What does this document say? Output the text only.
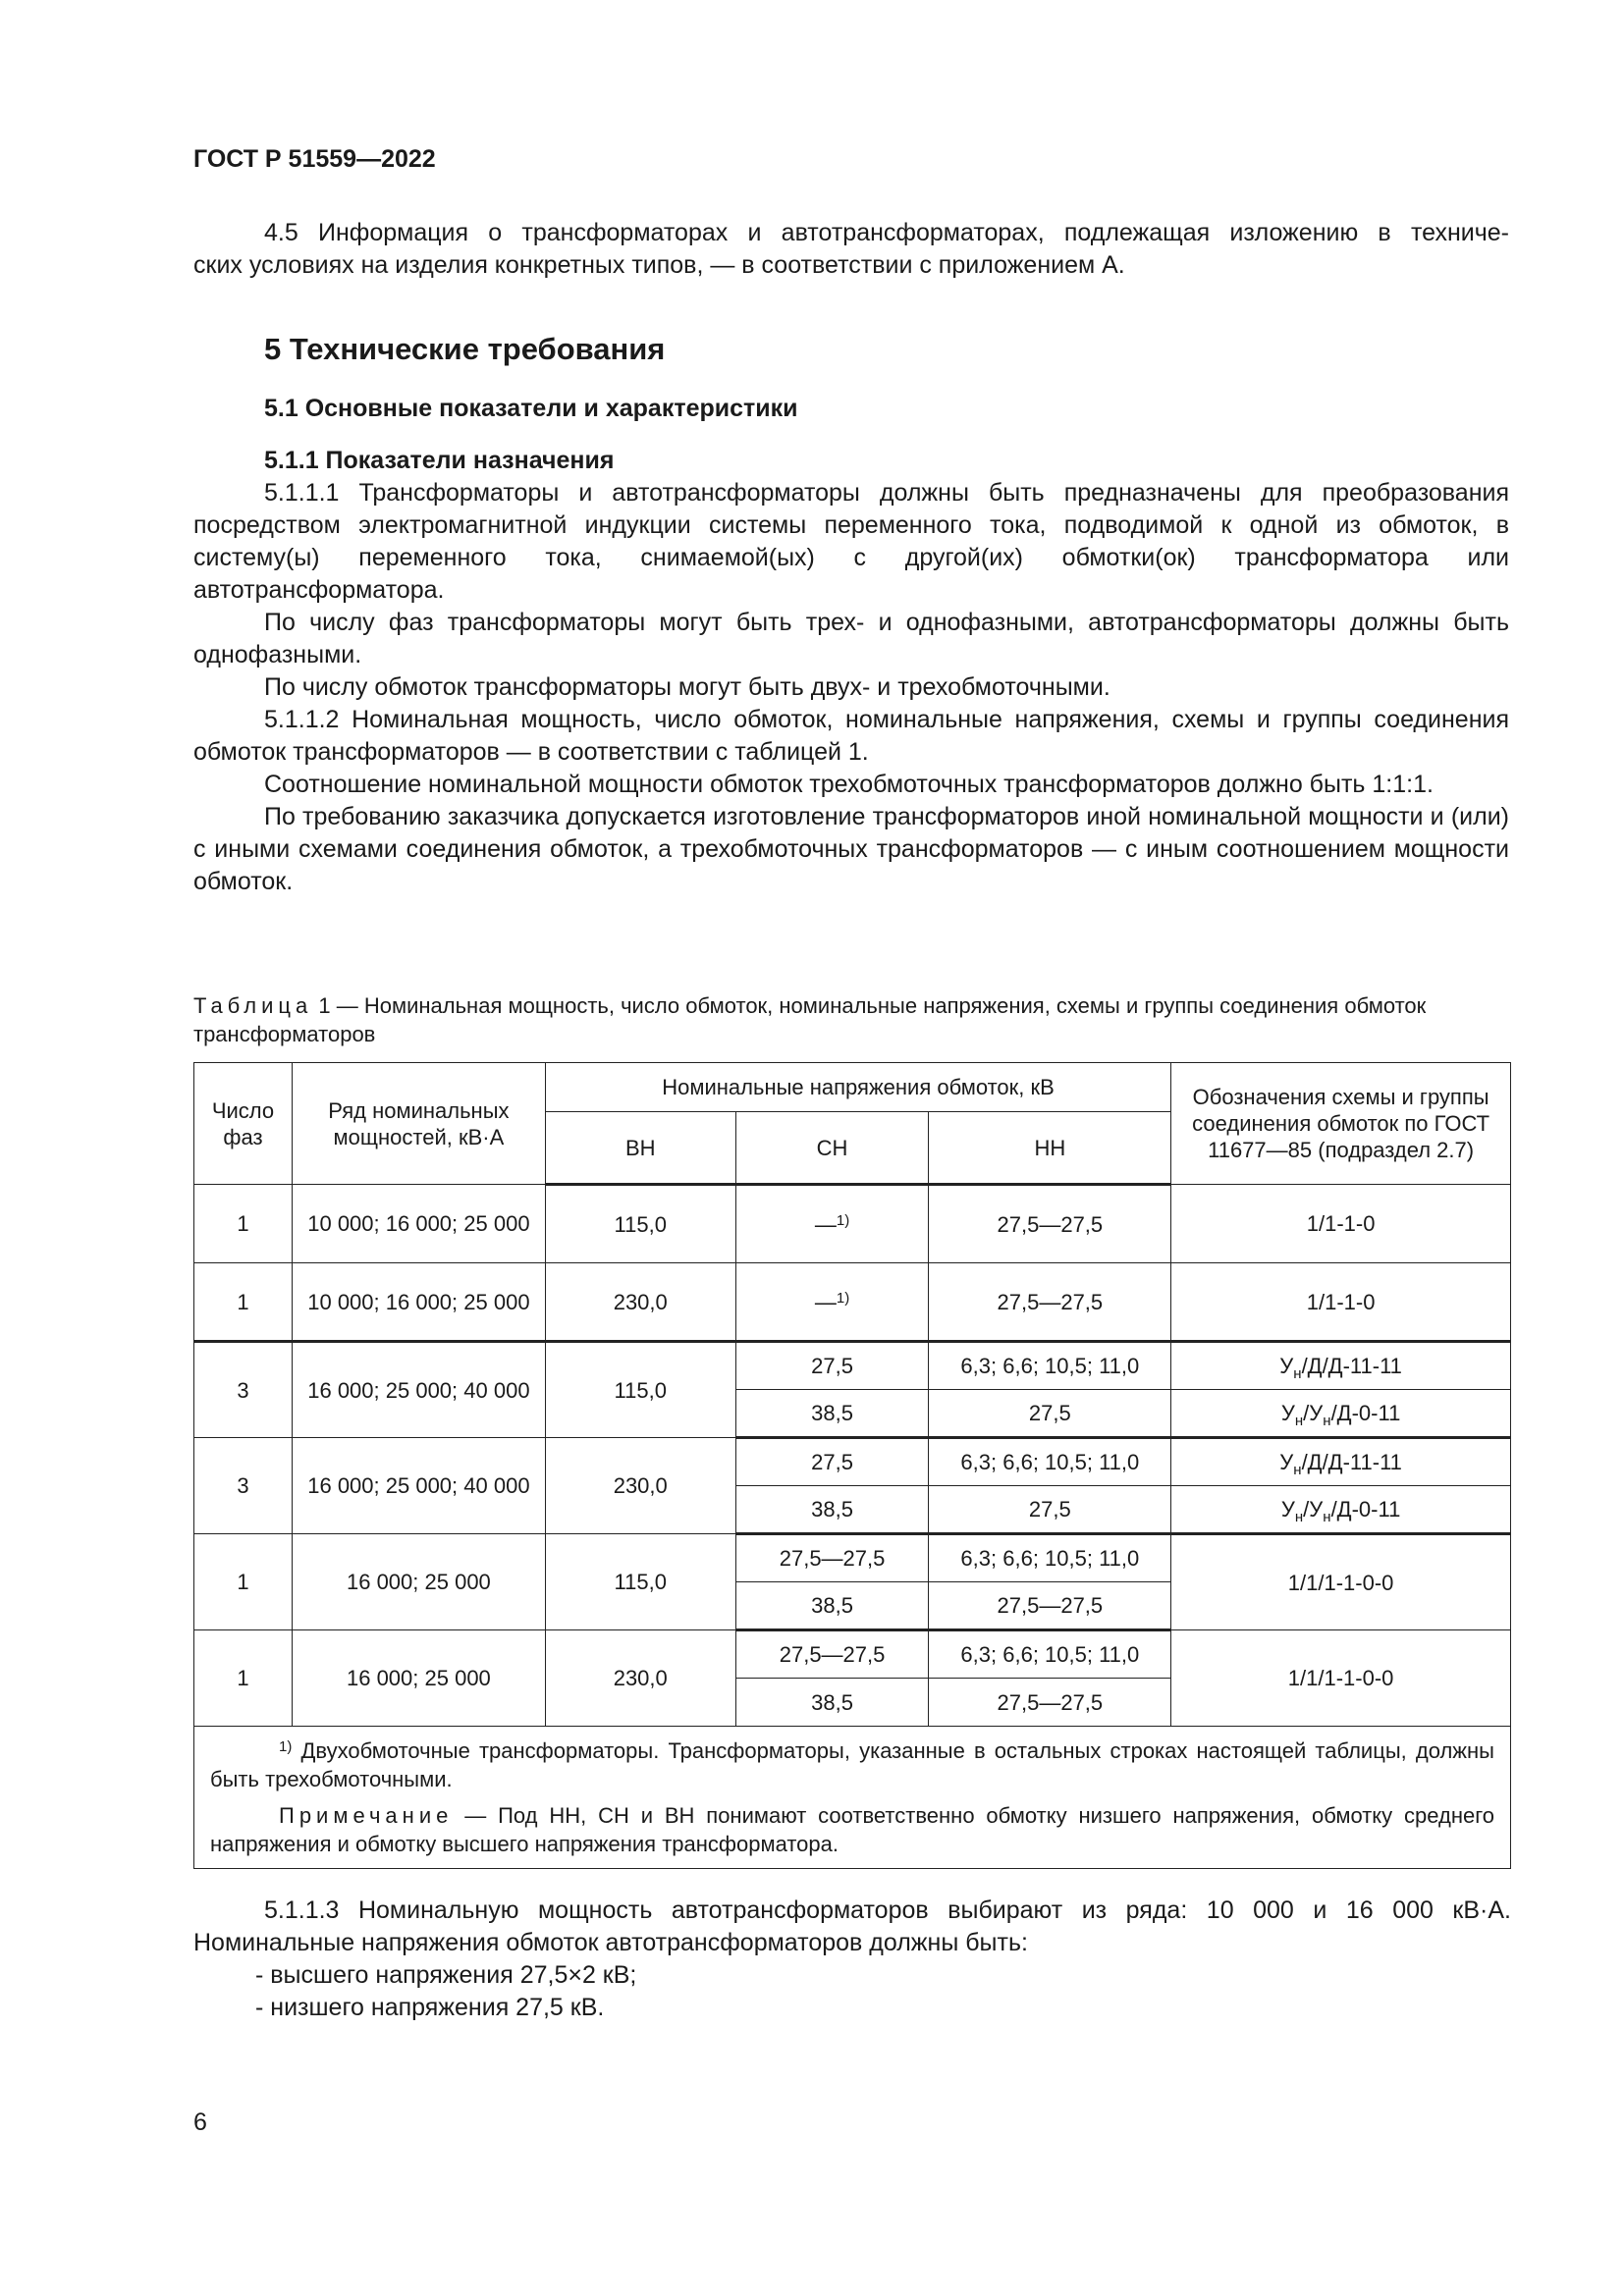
ГОСТ Р 51559—2022

4.5 Информация о трансформаторах и автотрансформаторах, подлежащая изложению в техниче-

ских условиях на изделия конкретных типов, — в соответствии с приложением А.

5 Технические требования
5.1 Основные показатели и характеристики
5.1.1 Показатели назначения

5.1.1.1 Трансформаторы и автотрансформаторы должны быть предназначены для преобразования посредством электромагнитной индукции системы переменного тока, подводимой к одной из обмоток, в систему(ы) переменного тока, снимаемой(ых) с другой(их) обмотки(ок) трансформатора или автотрансформатора.

По числу фаз трансформаторы могут быть трех- и однофазными, автотрансформаторы должны быть однофазными.

По числу обмоток трансформаторы могут быть двух- и трехобмоточными.

5.1.1.2 Номинальная мощность, число обмоток, номинальные напряжения, схемы и группы соединения обмоток трансформаторов — в соответствии с таблицей 1.

Соотношение номинальной мощности обмоток трехобмоточных трансформаторов должно быть 1:1:1.

По требованию заказчика допускается изготовление трансформаторов иной номинальной мощности и (или) с иными схемами соединения обмоток, а трехобмоточных трансформаторов — с иным соотношением мощности обмоток.

Таблица 1 — Номинальная мощность, число обмоток, номинальные напряжения, схемы и группы соединения обмоток трансформаторов
Число фаз	Ряд номинальных мощностей, кВ·А	Номинальные напряжения обмоток, кВ			Обозначения схемы и группы соединения обмоток по ГОСТ 11677—85 (подраздел 2.7)
		ВН	СН	НН	
1	10 000; 16 000; 25 000	115,0	—$^{1)}$	27,5—27,5	1/1-1-0
1	10 000; 16 000; 25 000	230,0	—$^{1)}$	27,5—27,5	1/1-1-0
3	16 000; 25 000; 40 000	115,0	27,5	6,3; 6,6; 10,5; 11,0	$У_н/Д/Д-11-11$
			38,5	27,5	$У_н/У_н/Д-0-11$
3	16 000; 25 000; 40 000	230,0	27,5	6,3; 6,6; 10,5; 11,0	$У_н/Д/Д-11-11$
			38,5	27,5	$У_н/У_н/Д-0-11$
1	16 000; 25 000	115,0	27,5—27,5	6,3; 6,6; 10,5; 11,0	1/1/1-1-0-0
			38,5	27,5—27,5	
1	16 000; 25 000	230,0	27,5—27,5	6,3; 6,6; 10,5; 11,0	1/1/1-1-0-0
			38,5	27,5—27,5	

$^{1)}$ Двухобмоточные трансформаторы. Трансформаторы, указанные в остальных строках настоящей таблицы, должны быть трехобмоточными.

Примечание — Под НН, СН и ВН понимают соответственно обмотку низшего напряжения, обмотку среднего напряжения и обмотку высшего напряжения трансформатора.					

5.1.1.3 Номинальную мощность автотрансформаторов выбирают из ряда: 10 000 и 16 000 кВ·А.

Номинальные напряжения обмоток автотрансформаторов должны быть:

- высшего напряжения 27,5×2 кВ;

- низшего напряжения 27,5 кВ.

6
